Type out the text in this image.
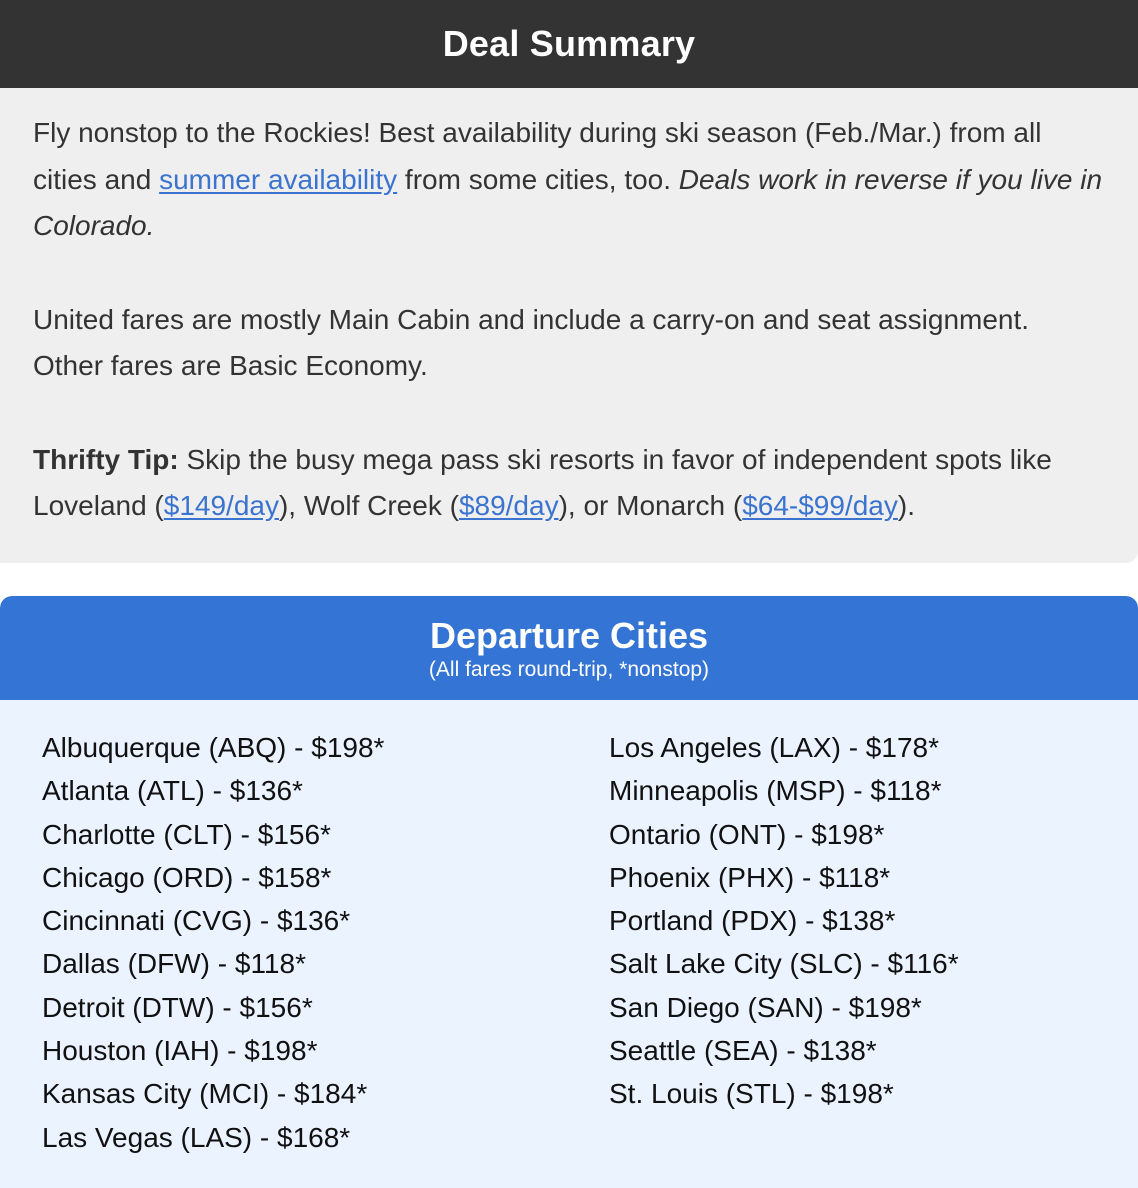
Deal Summary

Fly nonstop to the Rockies! Best availability during ski season (Feb./Mar.) from all cities and summer availability from some cities, too. Deals work in reverse if you live in Colorado.

United fares are mostly Main Cabin and include a carry-on and seat assignment. Other fares are Basic Economy.

Thrifty Tip: Skip the busy mega pass ski resorts in favor of independent spots like Loveland ($149/day), Wolf Creek ($89/day), or Monarch ($64-$99/day).

Departure Cities
(All fares round-trip, *nonstop)
Albuquerque (ABQ) - $198*
Atlanta (ATL) - $136*
Charlotte (CLT) - $156*
Chicago (ORD) - $158*
Cincinnati (CVG) - $136*
Dallas (DFW) - $118*
Detroit (DTW) - $156*
Houston (IAH) - $198*
Kansas City (MCI) - $184*
Las Vegas (LAS) - $168*
Los Angeles (LAX) - $178*
Minneapolis (MSP) - $118*
Ontario (ONT) - $198*
Phoenix (PHX) - $118*
Portland (PDX) - $138*
Salt Lake City (SLC) - $116*
San Diego (SAN) - $198*
Seattle (SEA) - $138*
St. Louis (STL) - $198*
